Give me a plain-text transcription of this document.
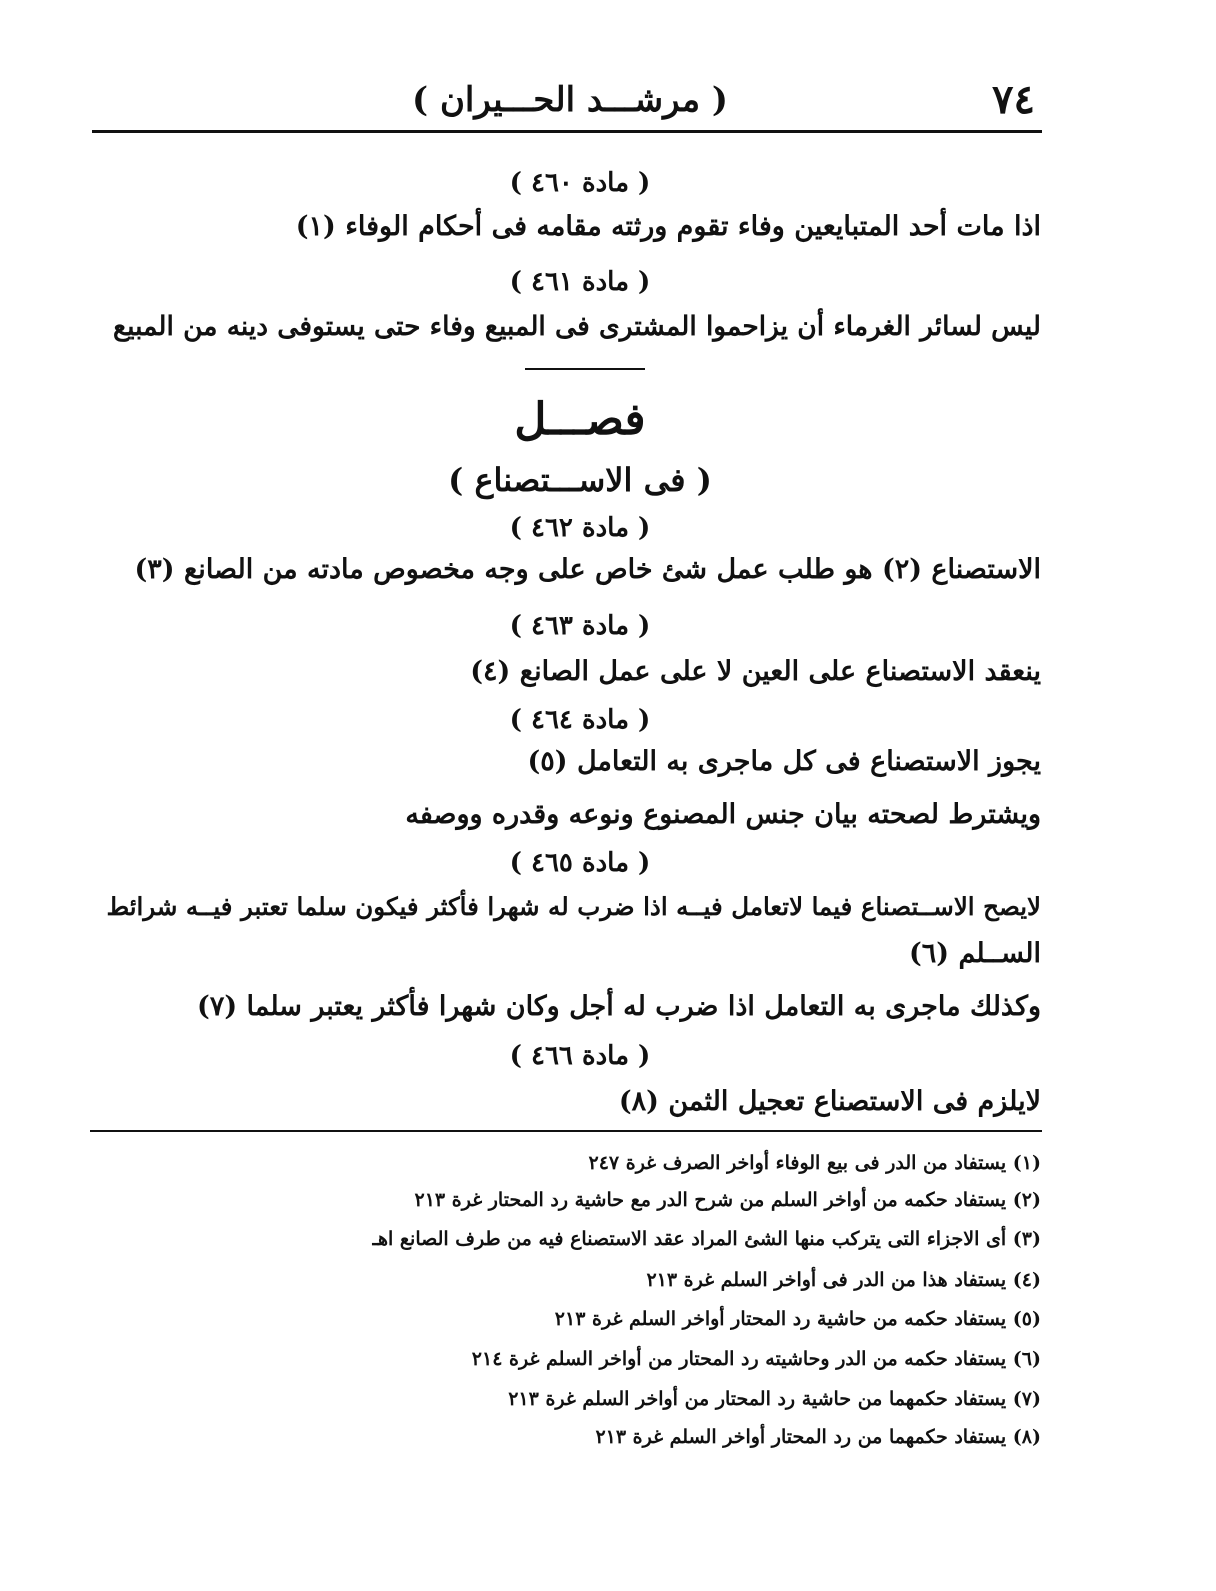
٧٤
( مرشـــد الحـــيران )
( مادة ٤٦٠ )
اذا مات أحد المتبايعين وفاء تقوم ورثته مقامه فى أحكام الوفاء (١)
( مادة ٤٦١ )
ليس لسائر الغرماء أن يزاحموا المشترى فى المبيع وفاء حتى يستوفى دينه من المبيع
فصـــل
( فى الاســـتصناع )
( مادة ٤٦٢ )
الاستصناع (٢) هو طلب عمل شئ خاص على وجه مخصوص مادته من الصانع (٣)
( مادة ٤٦٣ )
ينعقد الاستصناع على العين لا على عمل الصانع (٤)
( مادة ٤٦٤ )
يجوز الاستصناع فى كل ماجرى به التعامل (٥)
ويشترط لصحته بيان جنس المصنوع ونوعه وقدره ووصفه
( مادة ٤٦٥ )
لايصح الاســتصناع فيما لاتعامل فيــه اذا ضرب له شهرا فأكثر فيكون سلما تعتبر فيــه شرائط
الســلم (٦)
وكذلك ماجرى به التعامل اذا ضرب له أجل وكان شهرا فأكثر يعتبر سلما (٧)
( مادة ٤٦٦ )
لايلزم فى الاستصناع تعجيل الثمن (٨)
(١) يستفاد من الدر فى بيع الوفاء أواخر الصرف غرة ٢٤٧
(٢) يستفاد حكمه من أواخر السلم من شرح الدر مع حاشية رد المحتار غرة ٢١٣
(٣) أى الاجزاء التى يتركب منها الشئ المراد عقد الاستصناع فيه من طرف الصانع اهـ
(٤) يستفاد هذا من الدر فى أواخر السلم غرة ٢١٣
(٥) يستفاد حكمه من حاشية رد المحتار أواخر السلم غرة ٢١٣
(٦) يستفاد حكمه من الدر وحاشيته رد المحتار من أواخر السلم غرة ٢١٤
(٧) يستفاد حكمهما من حاشية رد المحتار من أواخر السلم غرة ٢١٣
(٨) يستفاد حكمهما من رد المحتار أواخر السلم غرة ٢١٣
